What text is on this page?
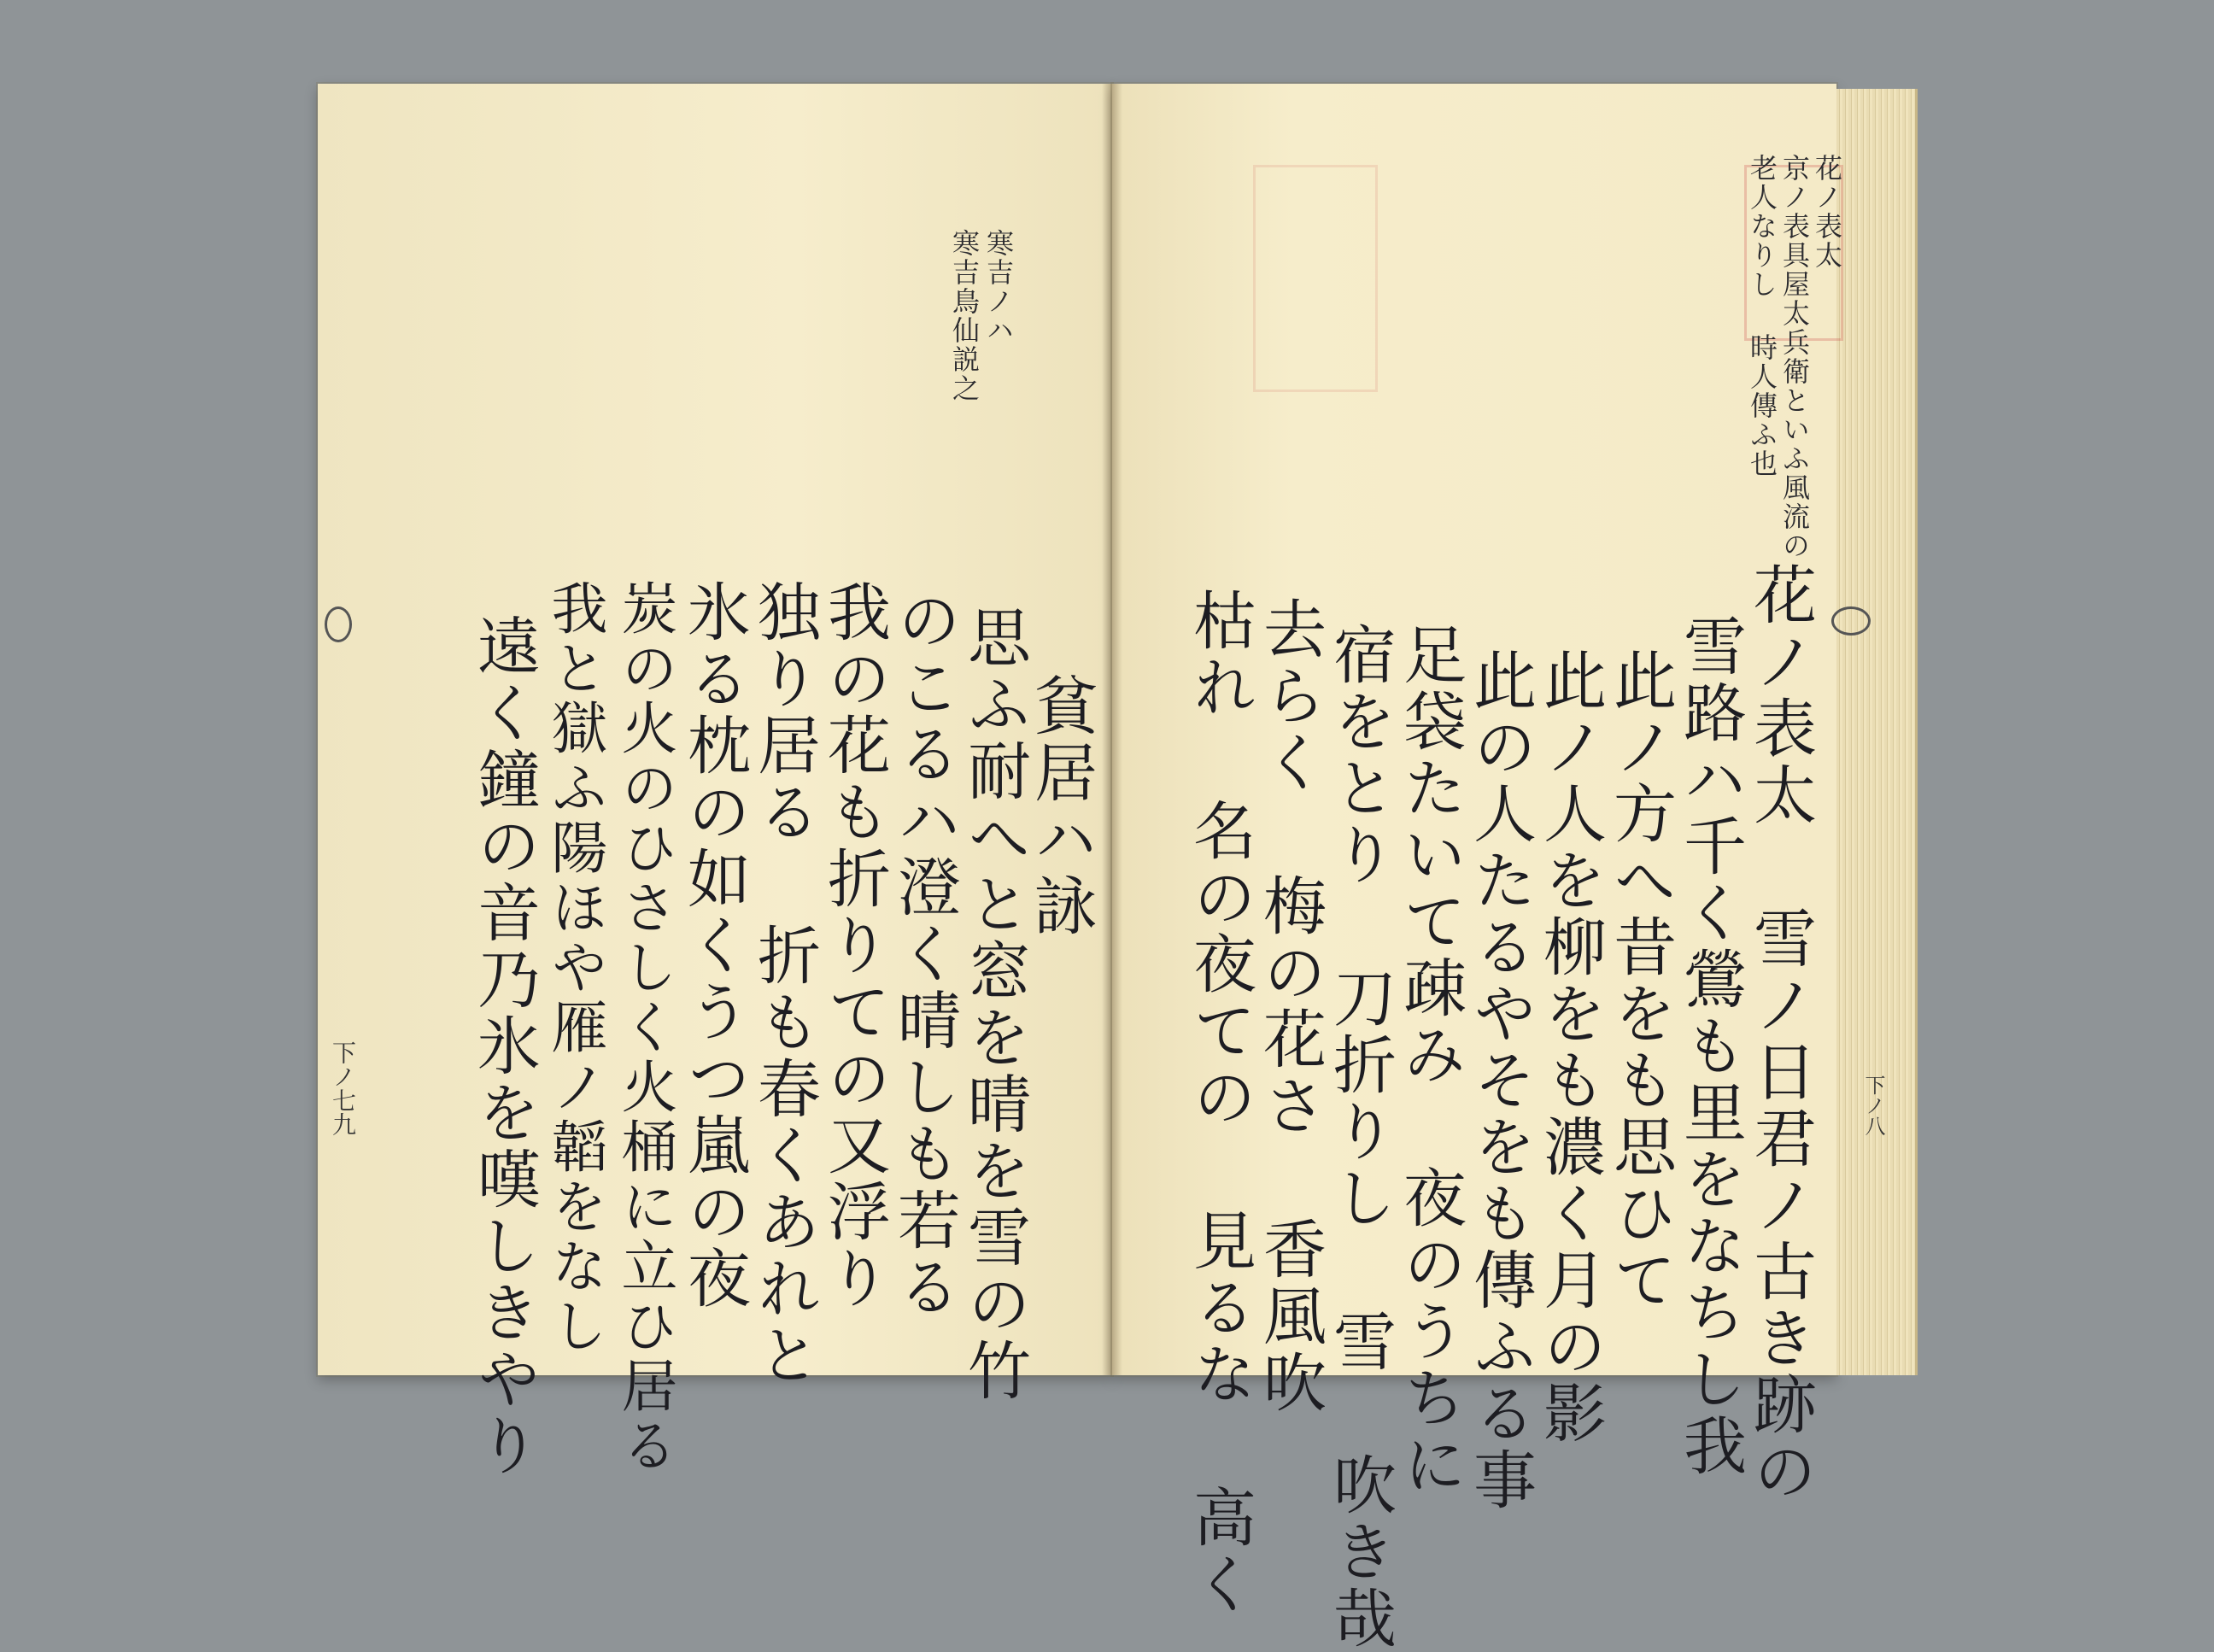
花ノ表太
京ノ表具屋太兵衛といふ風流の
老人なりし 時人傳ふ也
花ノ表太 雪ノ日君ノ古き跡の
雪路ハ千く鶯も里をなちし我
此ノ方へ昔をも思ひて
此ノ人を柳をも濃く月の影
此の人たるやそをも傳ふる事
足袋たいて疎み 夜のうちに
宿をとり 刀折りし 雪 吹き哉
去らく 梅の花さ 香風吹
枯れ 名の夜ての 見るな 高く	下ノ八
寒吉ノハ
寒吉鳥仙説之
貧居ハ詠
思ふ耐へと窓を晴を雪の竹
のこるハ澄く晴しも若る
我の花も折りての又浮り
独り居る 折も春くあれと
氷る枕の如くうつ嵐の夜
炭の火のひさしく火桶に立ひ居る
我と獄ふ陽ほや雁ノ韜をなし
遠く鐘の音乃氷を嘆しきやり
下ノ七九
